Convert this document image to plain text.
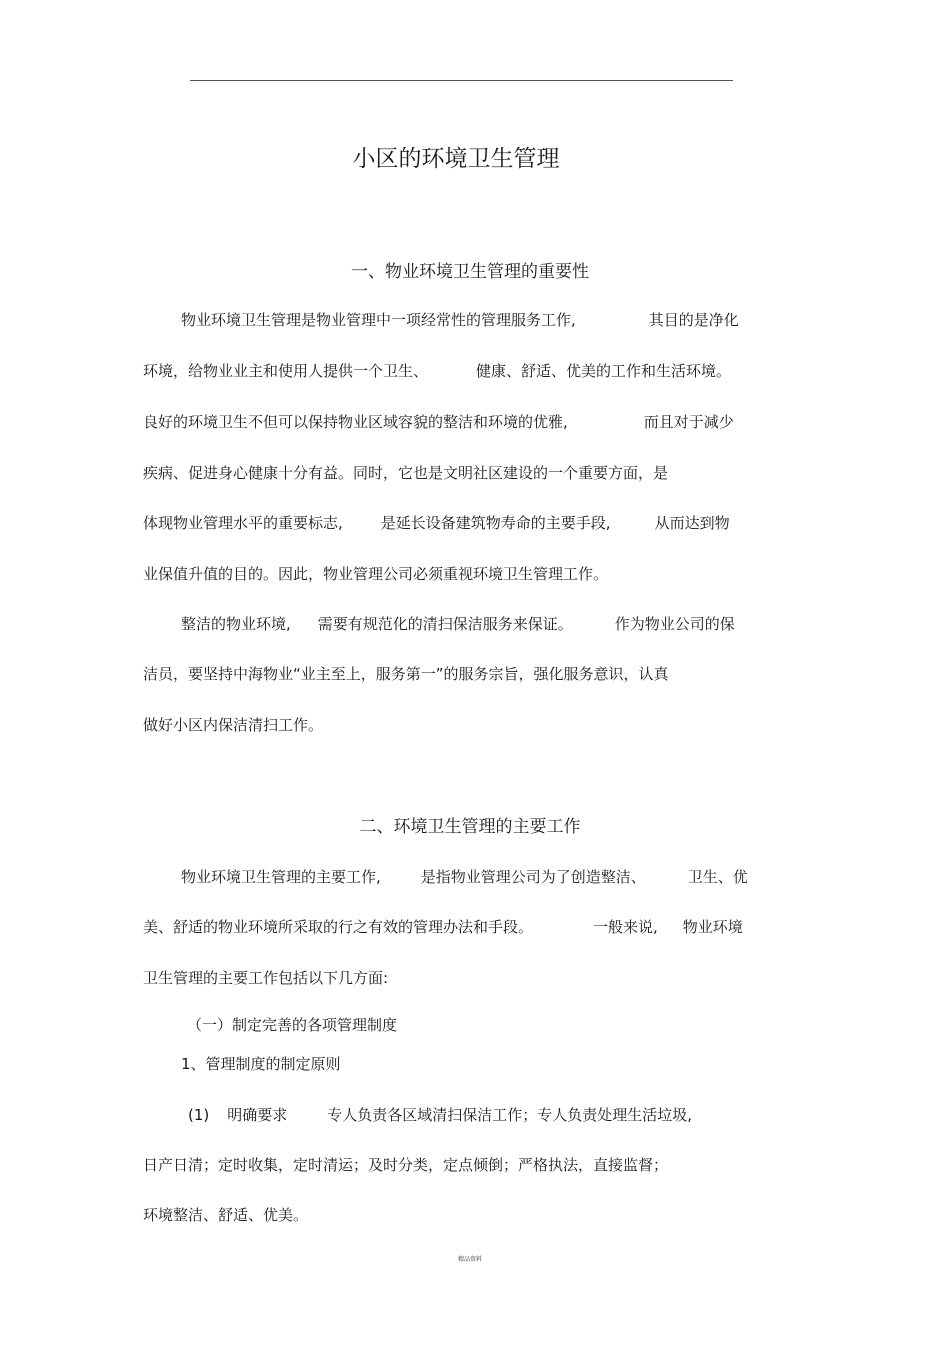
小区的环境卫生管理
一、物业环境卫生管理的重要性
物业环境卫生管理是物业管理中一项经常性的管理服务工作,	其目的是净化
环境，给物业业主和使用人提供一个卫生、	健康、舒适、优美的工作和生活环境。
良好的环境卫生不但可以保持物业区域容貌的整洁和环境的优雅,	而且对于减少
疾病、促进身心健康十分有益。同时，它也是文明社区建设的一个重要方面，是
体现物业管理水平的重要标志,	是延长设备建筑物寿命的主要手段,	从而达到物
业保值升值的目的。因此，物业管理公司必须重视环境卫生管理工作。
整洁的物业环境, 需要有规范化的清扫保洁服务来保证。	作为物业公司的保
洁员，要坚持中海物业“业主至上，服务第一”的服务宗旨，强化服务意识，认真
做好小区内保洁清扫工作。
二、环境卫生管理的主要工作
物业环境卫生管理的主要工作,	是指物业管理公司为了创造整洁、	卫生、优
美、舒适的物业环境所采取的行之有效的管理办法和手段。	一般来说, 物业环境
卫生管理的主要工作包括以下几方面:
（一）制定完善的各项管理制度
1、管理制度的制定原则
(1) 明确要求	专人负责各区域清扫保洁工作；专人负责处理生活垃圾,
日产日清；定时收集，定时清运；及时分类，定点倾倒；严格执法，直接监督；
环境整洁、舒适、优美。
精品资料
